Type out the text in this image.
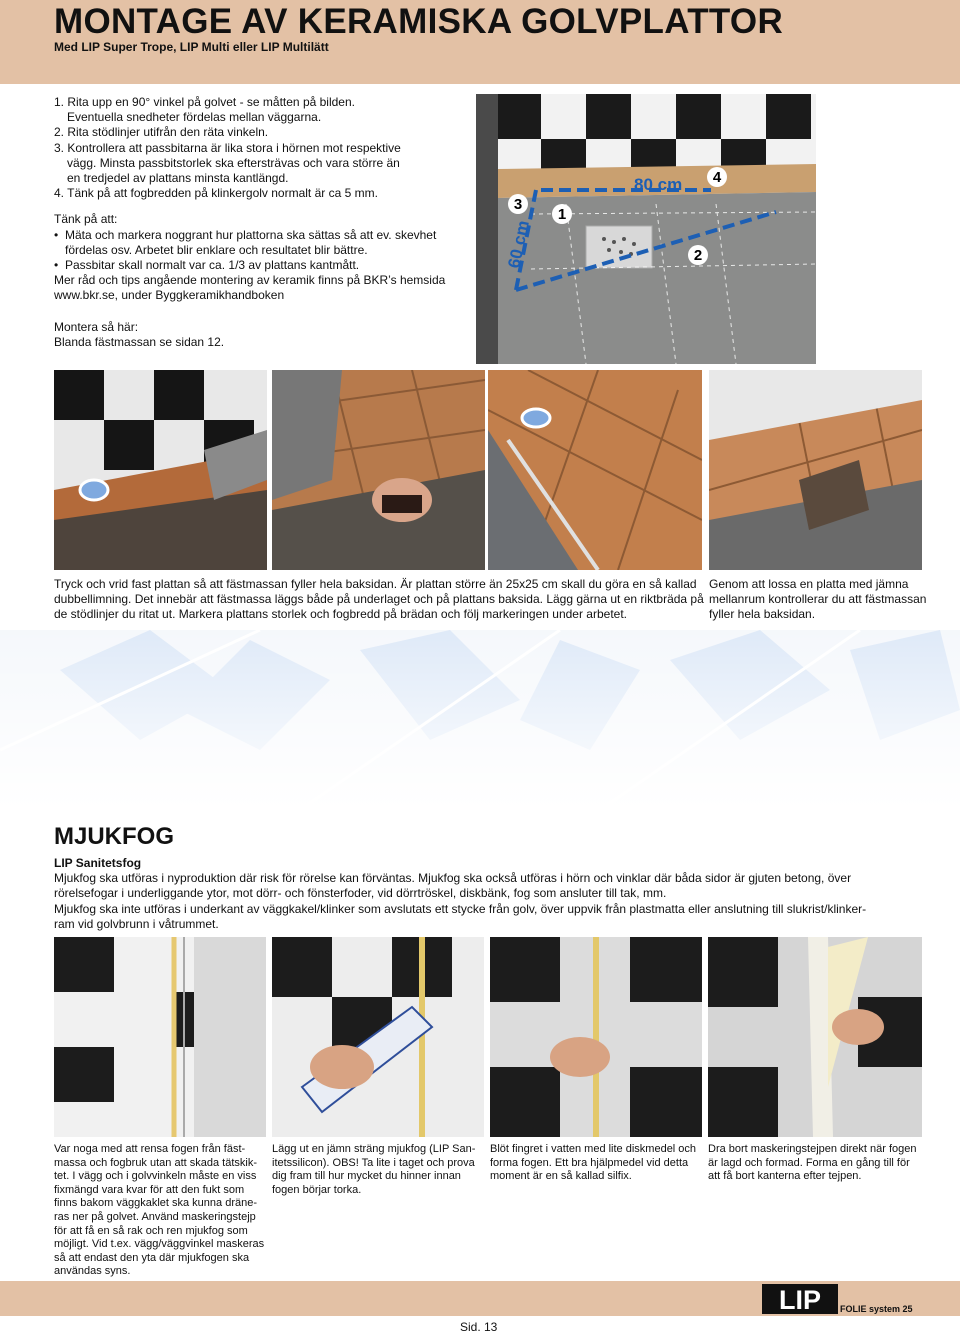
MONTAGE AV KERAMISKA GOLVPLATTOR
Med LIP Super Trope, LIP Multi eller LIP Multilätt

1. Rita upp en 90° vinkel på golvet - se måtten på bilden.

Eventuella snedheter fördelas mellan väggarna.

2. Rita stödlinjer utifrån den räta vinkeln.

3. Kontrollera att passbitarna är lika stora i hörnen mot respektive

vägg. Minsta passbitstorlek ska eftersträvas och vara större än

en tredjedel av plattans minsta kantlängd.

4. Tänk på att fogbredden på klinkergolv normalt är ca 5 mm.

Tänk på att:

• Mäta och markera noggrant hur plattorna ska sättas så att ev. skevhet

fördelas osv. Arbetet blir enklare och resultatet blir bättre.

• Passbitar skall normalt var ca. 1/3 av plattans kantmått.

Mer råd och tips angående montering av keramik finns på BKR’s hemsida

www.bkr.se, under Byggkeramikhandboken

Montera så här:

Blanda fästmassan se sidan 12.

80 cm
60 cm
3
1
4
2
Tryck och vrid fast plattan så att fästmassan fyller hela baksidan. Är plattan större än 25x25 cm skall du göra en så kallad
dubbellimning. Det innebär att fästmassa läggs både på underlaget och på plattans baksida. Lägg gärna ut en riktbräda på
de stödlinjer du ritat ut. Markera plattans storlek och fogbredd på brädan och följ markeringen under arbetet.
Genom att lossa en platta med jämna
mellanrum kontrollerar du att fästmassan
fyller hela baksidan.
MJUKFOG
LIP Sanitetsfog
Mjukfog ska utföras i nyproduktion där risk för rörelse kan förväntas. Mjukfog ska också utföras i hörn och vinklar där båda sidor är gjuten betong, över
rörelsefogar i underliggande ytor, mot dörr- och fönsterfoder, vid dörrtröskel, diskbänk, fog som ansluter till tak, mm.
Mjukfog ska inte utföras i underkant av väggkakel/klinker som avslutats ett stycke från golv, över uppvik från plastmatta eller anslutning till slukrist/klinker-
ram vid golvbrunn i våtrummet.
Var noga med att rensa fogen från fäst-
massa och fogbruk utan att skada tätskik-
tet. I vägg och i golvvinkeln måste en viss
fixmängd vara kvar för att den fukt som
finns bakom väggkaklet ska kunna dräne-
ras ner på golvet. Använd maskeringstejp
för att få en så rak och ren mjukfog som
möjligt. Vid t.ex. vägg/väggvinkel maskeras
så att endast den yta där mjukfogen ska
användas syns.
Lägg ut en jämn sträng mjukfog (LIP San-
itetssilicon). OBS! Ta lite i taget och prova
dig fram till hur mycket du hinner innan
fogen börjar torka.
Blöt fingret i vatten med lite diskmedel och
forma fogen. Ett bra hjälpmedel vid detta
moment är en så kallad silfix.
Dra bort maskeringstejpen direkt när fogen
är lagd och formad. Forma en gång till för
att få bort kanterna efter tejpen.
LIP FOLIE system 25
Sid. 13
